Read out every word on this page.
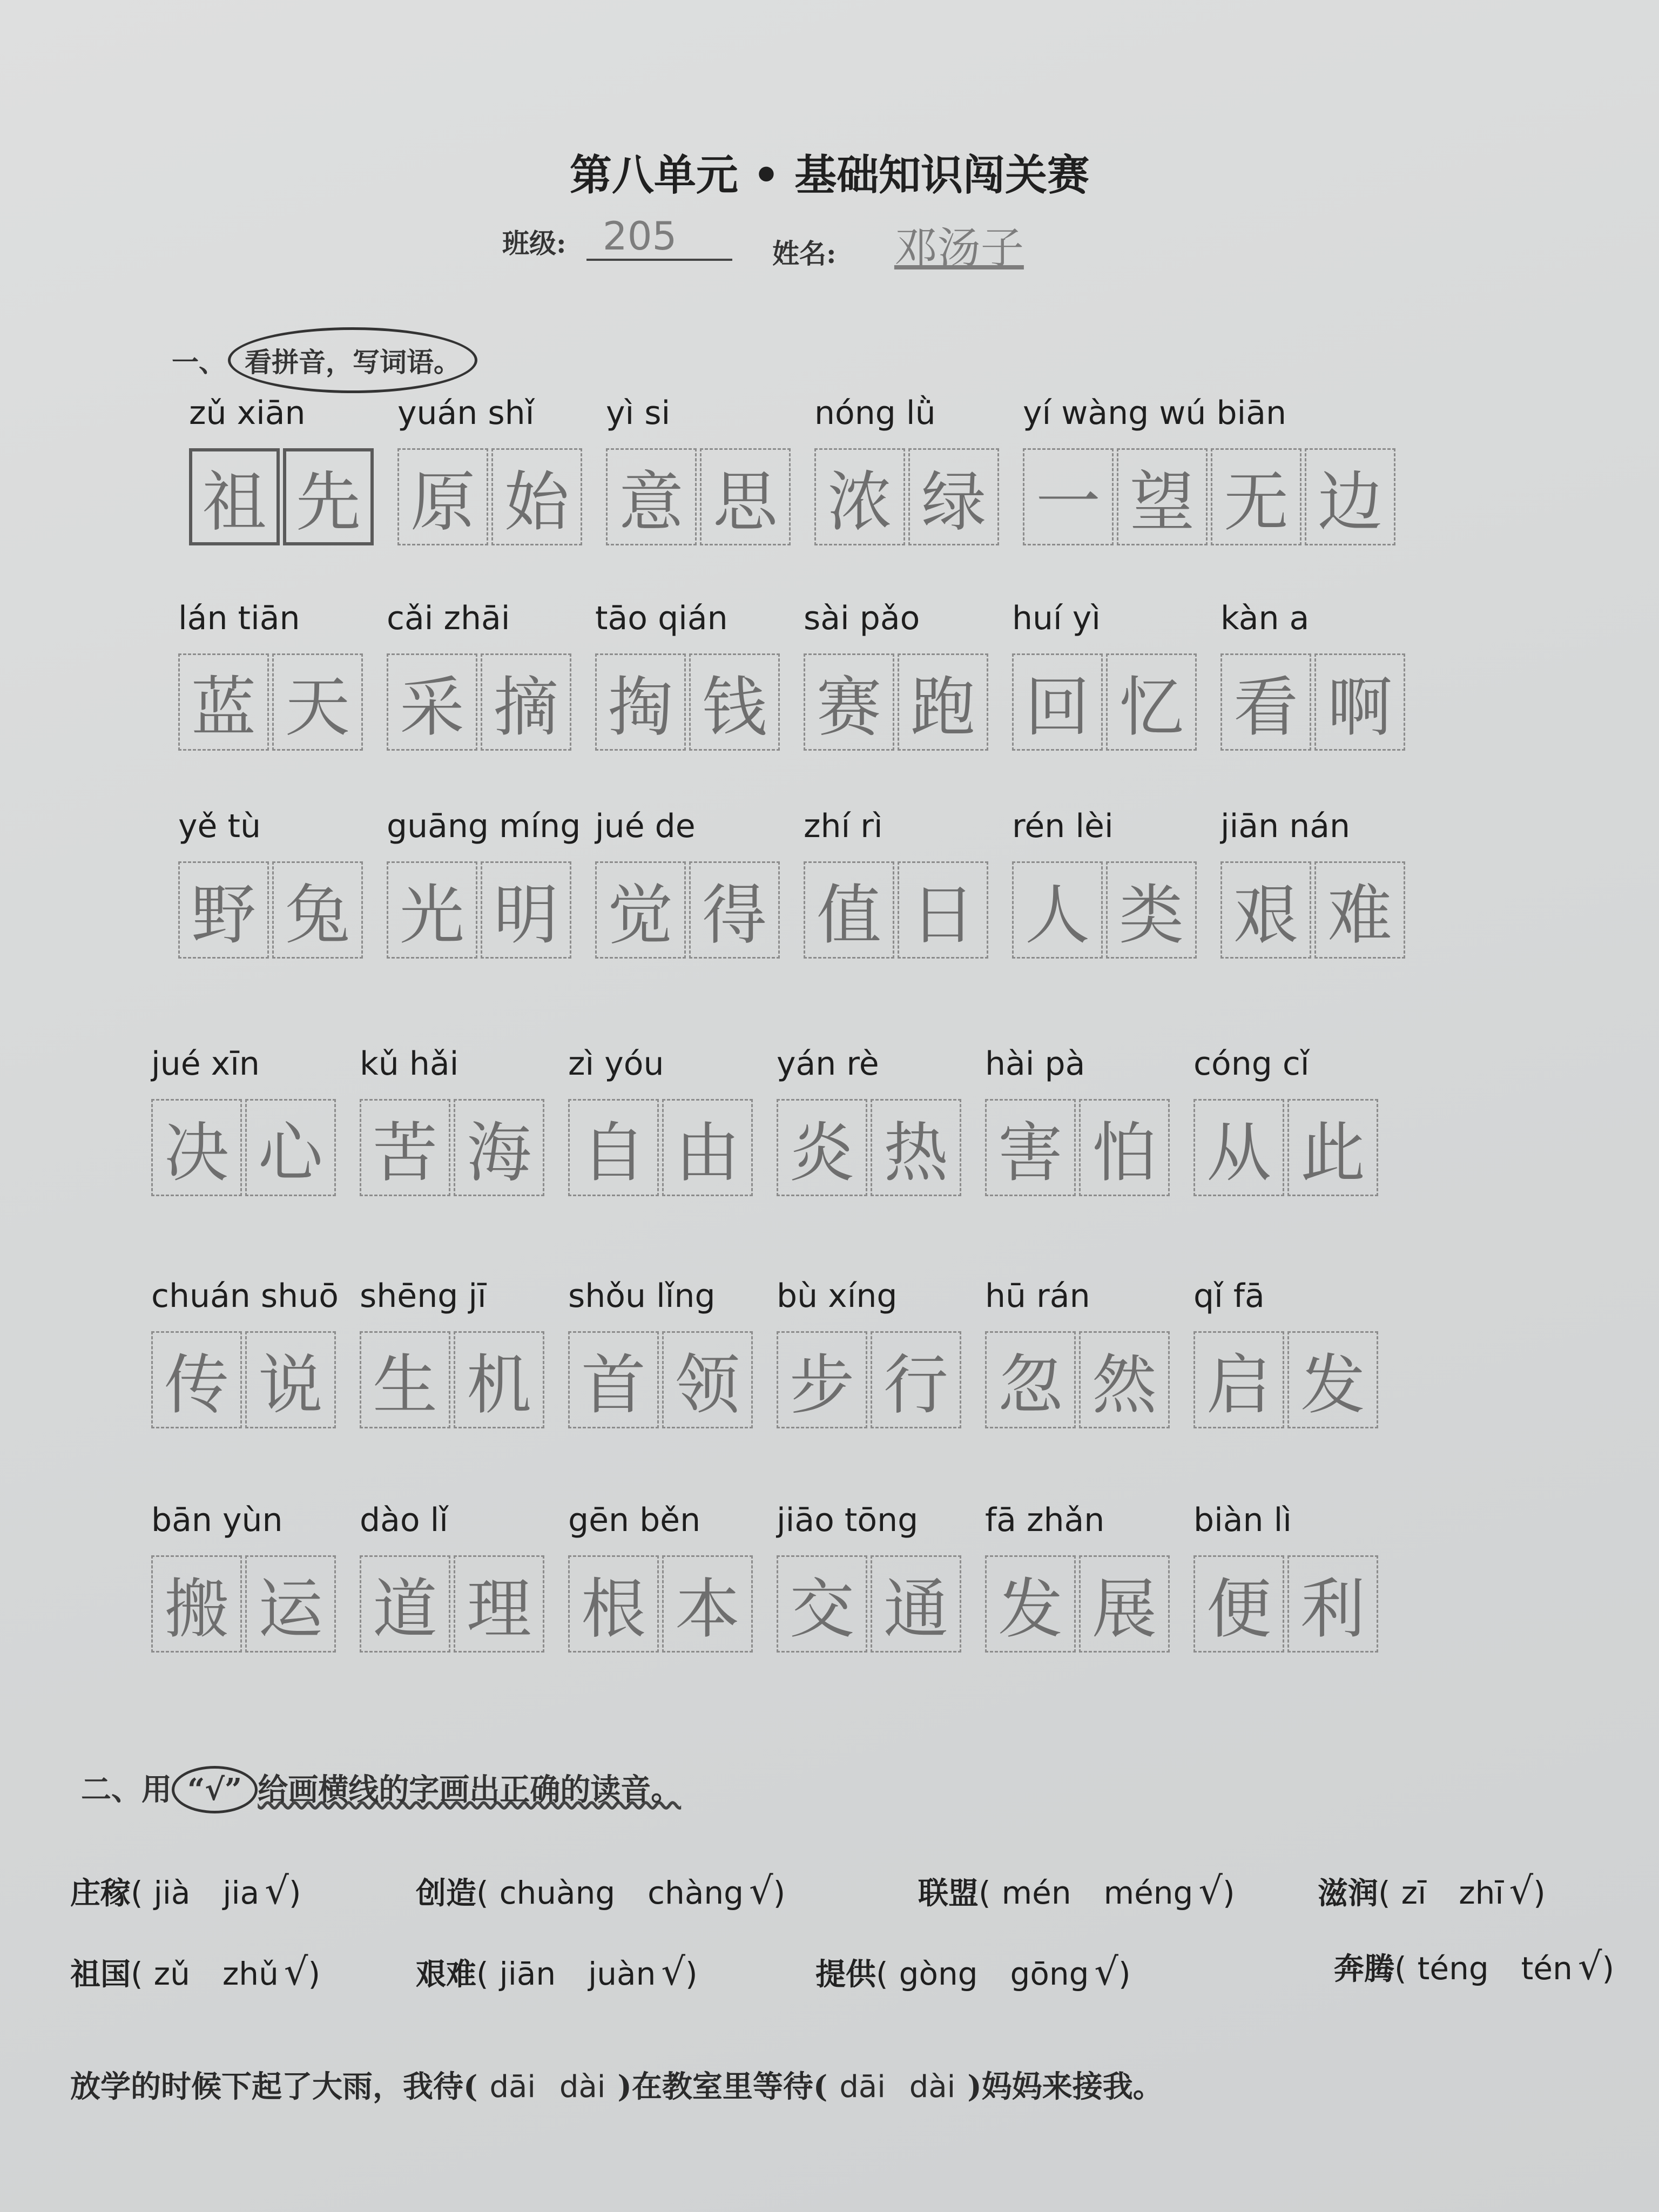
第八单元 • 基础知识闯关赛
班级: 205	姓名: 邓汤子
一、 看拼音，写词语。
zǔ xiān
祖 先
yuán shǐ
原 始
yì si
意 思
nóng lǜ
浓 绿
yí wàng wú biān
一 望 无 边
lán tiān
蓝 天
cǎi zhāi
采 摘
tāo qián
掏 钱
sài pǎo
赛 跑
huí yì
回 忆
kàn a
看 啊
yě tù
野 兔
guāng míng
光 明
jué de
觉 得
zhí rì
值 日
rén lèi
人 类
jiān nán
艰 难
jué xīn
决 心
kǔ hǎi
苦 海
zì yóu
自 由
yán rè
炎 热
hài pà
害 怕
cóng cǐ
从 此
chuán shuō
传 说
shēng jī
生 机
shǒu lǐng
首 领
bù xíng
步 行
hū rán
忽 然
qǐ fā
启 发
bān yùn
搬 运
dào lǐ
道 理
gēn běn
根 本
jiāo tōng
交 通
fā zhǎn
发 展
biàn lì
便 利
二、用 “√” 给画横线的字画出正确的读音。
庄稼( jià jia √)	创造( chuàng chàng √)	联盟( mén méng √)	滋润( zī zhī √)
祖国( zǔ zhǔ √)	艰难( jiān juàn √)	提供( gòng gōng √)	奔腾( téng tén √)
放学的时候下起了大雨，我待( dāi dài )在教室里等待( dāi dài )妈妈来接我。
